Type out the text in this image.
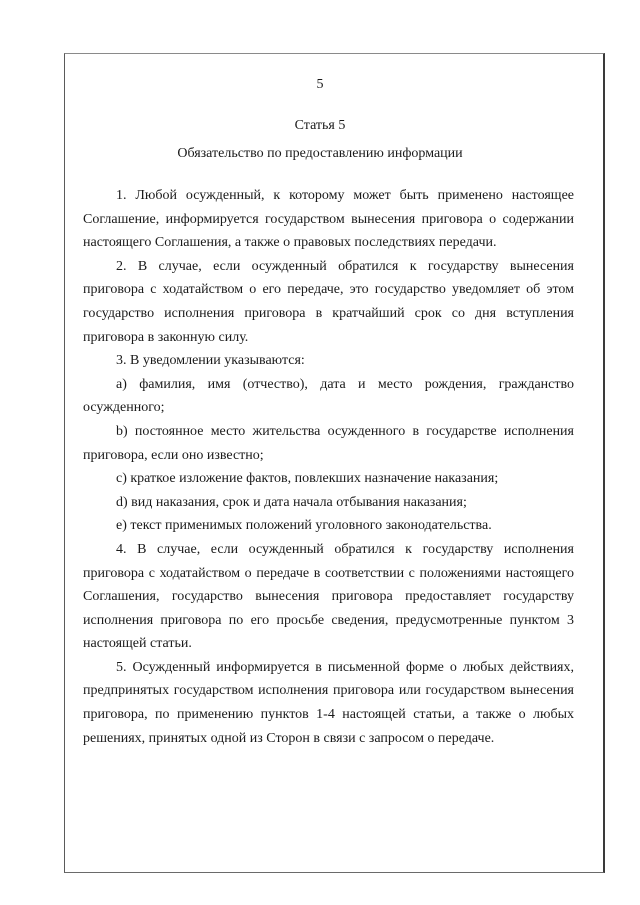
5
Статья 5
Обязательство по предоставлению информации

1. Любой осужденный, к которому может быть применено настоящее Соглашение, информируется государством вынесения приговора о содержании настоящего Соглашения, а также о правовых последствиях передачи.

2. В случае, если осужденный обратился к государству вынесения приговора с ходатайством о его передаче, это государство уведомляет об этом государство исполнения приговора в кратчайший срок со дня вступления приговора в законную силу.

3. В уведомлении указываются:

a) фамилия, имя (отчество), дата и место рождения, гражданство осужденного;

b) постоянное место жительства осужденного в государстве исполнения приговора, если оно известно;

c) краткое изложение фактов, повлекших назначение наказания;

d) вид наказания, срок и дата начала отбывания наказания;

e) текст применимых положений уголовного законодательства.

4. В случае, если осужденный обратился к государству исполнения приговора с ходатайством о передаче в соответствии с положениями настоящего Соглашения, государство вынесения приговора предоставляет государству исполнения приговора по его просьбе сведения, предусмотренные пунктом 3 настоящей статьи.

5. Осужденный информируется в письменной форме о любых действиях, предпринятых государством исполнения приговора или государством вынесения приговора, по применению пунктов 1-4 настоящей статьи, а также о любых решениях, принятых одной из Сторон в связи с запросом о передаче.
